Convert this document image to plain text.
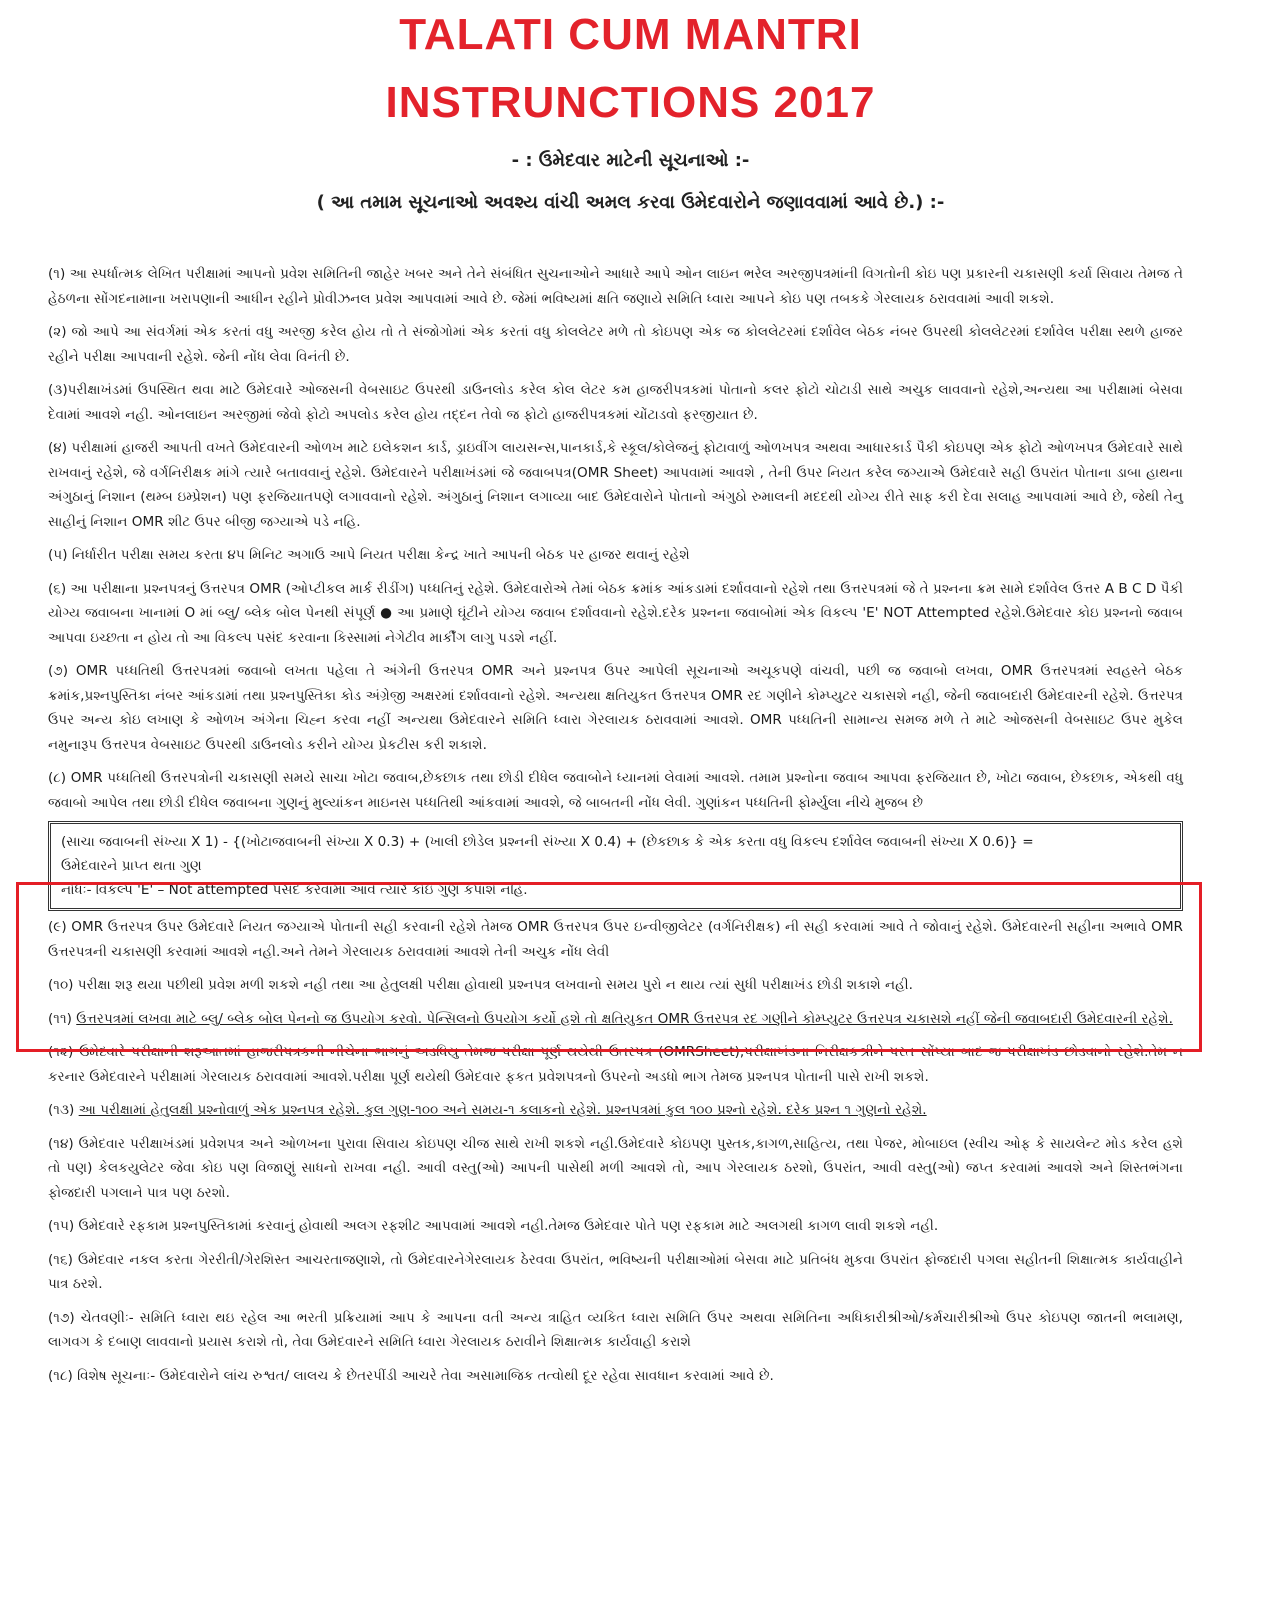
TALATI CUM MANTRI
INSTRUNCTIONS 2017
- : ઉમેદવાર માટેની સૂચનાઓ :-
( આ તમામ સૂચનાઓ અવશ્ય વાંચી અમલ કરવા ઉમેદવારોને જણાવવામાં આવે છે.) :-

(૧) આ સ્પર્ધાત્મક લેખિત પરીક્ષામાં આપનો પ્રવેશ સમિતિની જાહેર ખબર અને તેને સંબંધિત સુચનાઓને આધારે આપે ઓન લાઇન ભરેલ અરજીપત્રમાંની વિગતોની કોઇ પણ પ્રકારની ચકાસણી કર્યા સિવાય તેમજ તે હેઠળના સોંગદનામાના ખરાપણાની આધીન રહીને પ્રોવીઝનલ પ્રવેશ આપવામાં આવે છે. જેમાં ભવિષ્યમાં ક્ષતિ જણાયે સમિતિ ધ્વારા આપને કોઇ પણ તબકકે ગેરલાયક ઠરાવવામાં આવી શકશે.

(૨) જો આપે આ સંવર્ગમાં એક કરતાં વધુ અરજી કરેલ હોય તો તે સંજોગોમાં એક કરતાં વધુ કોલલેટર મળે તો કોઇપણ એક જ કોલલેટરમાં દર્શાવેલ બેઠક નંબર ઉપરથી કોલલેટરમાં દર્શાવેલ પરીક્ષા સ્થળે હાજર રહીને પરીક્ષા આપવાની રહેશે. જેની નોંધ લેવા વિનંતી છે.

(૩)પરીક્ષાખંડમાં ઉપસ્થિત થવા માટે ઉમેદવારે ઓજસની વેબસાઇટ ઉપરથી ડાઉનલોડ કરેલ કોલ લેટર કમ હાજરીપત્રકમાં પોતાનો કલર ફોટો ચોટાડી સાથે અચુક લાવવાનો રહેશે,અન્યથા આ પરીક્ષામાં બેસવા દેવામાં આવશે નહી. ઓનલાઇન અરજીમાં જેવો ફોટો અપલોડ કરેલ હોય તદ્દન તેવો જ ફોટો હાજરીપત્રકમાં ચોંટાડવો ફરજીયાત છે.

(૪) પરીક્ષામાં હાજરી આપતી વખતે ઉમેદવારની ઓળખ માટે ઇલેકશન કાર્ડ, ડ્રાઇવીંગ લાયસન્સ,પાનકાર્ડ,કે સ્કૂલ/કોલેજનું ફોટાવાળું ઓળખપત્ર અથવા આધારકાર્ડ પૈકી કોઇપણ એક ફોટો ઓળખપત્ર ઉમેદવારે સાથે રાખવાનું રહેશે, જે વર્ગનિરીક્ષક માંગે ત્યારે બતાવવાનું રહેશે. ઉમેદવારને પરીક્ષાખંડમાં જે જવાબપત્ર(OMR Sheet) આપવામાં આવશે , તેની ઉપર નિયત કરેલ જગ્યાએ ઉમેદવારે સહી ઉપરાંત પોતાના ડાબા હાથના અંગુઠાનું નિશાન (થમ્બ ઇમ્પ્રેશન) પણ ફરજિયાતપણે લગાવવાનો રહેશે. અંગુઠાનું નિશાન લગાવ્યા બાદ ઉમેદવારોને પોતાનો અંગુઠો રુમાલની મદદથી યોગ્ય રીતે સાફ કરી દેવા સલાહ આપવામાં આવે છે, જેથી તેનુ સાહીનું નિશાન OMR શીટ ઉપર બીજી જગ્યાએ પડે નહિ.

(૫) નિર્ધારીત પરીક્ષા સમય કરતા ૪૫ મિનિટ અગાઉ આપે નિયત પરીક્ષા કેન્દ્ર ખાતે આપની બેઠક પર હાજર થવાનું રહેશે

(૬) આ પરીક્ષાના પ્રશ્નપત્રનું ઉત્તરપત્ર OMR (ઓપ્ટીકલ માર્ક રીડીંગ) પધ્ધતિનું રહેશે. ઉમેદવારોએ તેમાં બેઠક ક્રમાંક આંકડામાં દર્શાવવાનો રહેશે તથા ઉત્તરપત્રમાં જે તે પ્રશ્નના ક્રમ સામે દર્શાવેલ ઉત્તર A B C D પૈકી યોગ્ય જવાબના ખાનામાં O માં બ્લુ/ બ્લેક બોલ પેનથી સંપૂર્ણ ● આ પ્રમાણે ઘૂંટીને યોગ્ય જવાબ દર્શાવવાનો રહેશે.દરેક પ્રશ્નના જવાબોમાં એક વિકલ્પ 'E' NOT Attempted રહેશે.ઉમેદવાર કોઇ પ્રશ્નનો જવાબ આપવા ઇચ્છતા ન હોય તો આ વિકલ્પ પસંદ કરવાના કિસ્સામાં નેગેટીવ માર્કીંગ લાગુ પડશે નહીં.

(૭) OMR પધ્ધતિથી ઉત્તરપત્રમાં જવાબો લખતા પહેલા તે અંગેની ઉત્તરપત્ર OMR અને પ્રશ્નપત્ર ઉપર આપેલી સૂચનાઓ અચૂકપણે વાંચવી, પછી જ જવાબો લખવા, OMR ઉત્તરપત્રમાં સ્વહસ્તે બેઠક ક્રમાંક,પ્રશ્નપુસ્તિકા નંબર આંકડામાં તથા પ્રશ્નપુસ્તિકા કોડ અંગ્રેજી અક્ષરમાં દર્શાવવાનો રહેશે. અન્યથા ક્ષતિયુકત ઉત્તરપત્ર OMR રદ ગણીને કોમ્પ્યુટર ચકાસશે નહી, જેની જવાબદારી ઉમેદવારની રહેશે. ઉત્તરપત્ર ઉપર અન્ય કોઇ લખાણ કે ઓળખ અંગેના ચિહ્ન કરવા નહીં અન્યથા ઉમેદવારને સમિતિ ધ્વારા ગેરલાયક ઠરાવવામાં આવશે. OMR પધ્ધતિની સામાન્ય સમજ મળે તે માટે ઓજસની વેબસાઇટ ઉપર મુકેલ નમુનારૂપ ઉત્તરપત્ર વેબસાઇટ ઉપરથી ડાઉનલોડ કરીને યોગ્ય પ્રેકટીસ કરી શકાશે.

(૮) OMR પધ્ધતિથી ઉત્તરપત્રોની ચકાસણી સમયે સાચા ખોટા જવાબ,છેકછાક તથા છોડી દીધેલ જવાબોને ધ્યાનમાં લેવામાં આવશે. તમામ પ્રશ્નોના જવાબ આપવા ફરજિયાત છે, ખોટા જવાબ, છેકછાક, એકથી વધુ જવાબો આપેલ તથા છોડી દીધેલ જવાબના ગુણનું મુલ્યાંકન માઇનસ પધ્ધતિથી આંકવામાં આવશે, જે બાબતની નોંધ લેવી. ગુણાંકન પધ્ધતિની ફોર્મ્યુલા નીચે મુજબ છે

(સાચા જવાબની સંખ્યા X 1) - {(ખોટાજવાબની સંખ્યા X 0.3) + (ખાલી છોડેલ પ્રશ્નની સંખ્યા X 0.4) + (છેકછાક કે એક કરતા વધુ વિકલ્પ દર્શાવેલ જવાબની સંખ્યા X 0.6)} =
ઉમેદવારને પ્રાપ્ત થતા ગુણ
નોધઃ- વિકલ્પ 'E' – Not attempted પસંદ કરવામાં આવે ત્યારે કોઇ ગુણ કપાશે નહિ.

(૯) OMR ઉત્તરપત્ર ઉપર ઉમેદવારે નિયત જગ્યાએ પોતાની સહી કરવાની રહેશે તેમજ OMR ઉત્તરપત્ર ઉપર ઇન્વીજીલેટર (વર્ગનિરીક્ષક) ની સહી કરવામાં આવે તે જોવાનું રહેશે. ઉમેદવારની સહીના અભાવે OMR ઉત્તરપત્રની ચકાસણી કરવામાં આવશે નહી.અને તેમને ગેરલાયક ઠરાવવામાં આવશે તેની અચુક નોંધ લેવી

(૧૦) પરીક્ષા શરૂ થયા પછીથી પ્રવેશ મળી શકશે નહી તથા આ હેતુલક્ષી પરીક્ષા હોવાથી પ્રશ્નપત્ર લખવાનો સમય પુરો ન થાય ત્યાં સુધી પરીક્ષાખંડ છોડી શકાશે નહી.

(૧૧) ઉત્તરપત્રમાં લખવા માટે બ્લુ/ બ્લેક બોલ પેનનો જ ઉપયોગ કરવો. પેન્સિલનો ઉપયોગ કર્યો હશે તો ક્ષતિયુકત OMR ઉત્તરપત્ર રદ ગણીને કોમ્પ્યુટર ઉત્તરપત્ર ચકાસશે નહીં જેની જવાબદારી ઉમેદવારની રહેશે.

(૧૨) ઉમેદવારે પરીક્ષાની શરૂઆતમાં હાજરીપત્રકની નીચેના ભાગનું અડધિયુ તેમજ પરીક્ષા પૂર્ણ થયેથી ઉતરપત્ર (OMRSheet),પરીક્ષાખંડના નિરીક્ષકશ્રીને પરત સોંપ્યા બાદ જ પરીક્ષાખંડ છોડવાનો રહેશે.તેમ ન કરનાર ઉમેદવારને પરીક્ષામાં ગેરલાયક ઠરાવવામાં આવશે.પરીક્ષા પૂર્ણ થયેથી ઉમેદવાર ફકત પ્રવેશપત્રનો ઉપરનો અડધો ભાગ તેમજ પ્રશ્નપત્ર પોતાની પાસે રાખી શકશે.

(૧૩) આ પરીક્ષામાં હેતુલક્ષી પ્રશ્નોવાળું એક પ્રશ્નપત્ર રહેશે. કુલ ગુણ-૧૦૦ અને સમય-૧ કલાકનો રહેશે. પ્રશ્નપત્રમાં કુલ ૧૦૦ પ્રશ્નો રહેશે. દરેક પ્રશ્ન ૧ ગુણનો રહેશે.

(૧૪) ઉમેદવાર પરીક્ષાખંડમાં પ્રવેશપત્ર અને ઓળખના પુરાવા સિવાય કોઇપણ ચીજ સાથે રાખી શકશે નહી.ઉમેદવારે કોઇપણ પુસ્તક,કાગળ,સાહિત્ય, તથા પેજર, મોબાઇલ (સ્વીચ ઓફ કે સાયલેન્ટ મોડ કરેલ હશે તો પણ) કેલકયુલેટર જેવા કોઇ પણ વિજાણું સાધનો રાખવા નહી. આવી વસ્તુ(ઓ) આપની પાસેથી મળી આવશે તો, આપ ગેરલાયક ઠરશો, ઉપરાંત, આવી વસ્તુ(ઓ) જપ્ત કરવામાં આવશે અને શિસ્તભંગના ફોજદારી પગલાને પાત્ર પણ ઠરશો.

(૧૫) ઉમેદવારે રફકામ પ્રશ્નપુસ્તિકામાં કરવાનું હોવાથી અલગ રફશીટ આપવામાં આવશે નહી.તેમજ ઉમેદવાર પોતે પણ રફકામ માટે અલગથી કાગળ લાવી શકશે નહી.

(૧૬) ઉમેદવાર નકલ કરતા ગેરરીતી/ગેરશિસ્ત આચરતાજણાશે, તો ઉમેદવારનેગેરલાયક ઠેરવવા ઉપરાંત, ભવિષ્યની પરીક્ષાઓમાં બેસવા માટે પ્રતિબંધ મુકવા ઉપરાંત ફોજદારી પગલા સહીતની શિક્ષાત્મક કાર્યવાહીને પાત્ર ઠરશે.

(૧૭) ચેતવણીઃ- સમિતિ ધ્વારા થઇ રહેલ આ ભરતી પ્રક્રિયામાં આપ કે આપના વતી અન્ય ત્રાહિત વ્યકિત ધ્વારા સમિતિ ઉપર અથવા સમિતિના અધિકારીશ્રીઓ/કર્મચારીશ્રીઓ ઉપર કોઇપણ જાતની ભલામણ, લાગવગ કે દબાણ લાવવાનો પ્રયાસ કરાશે તો, તેવા ઉમેદવારને સમિતિ ધ્વારા ગેરલાયક ઠરાવીને શિક્ષાત્મક કાર્યવાહી કરાશે

(૧૮) વિશેષ સૂચનાઃ- ઉમેદવારોને લાંચ રુશ્વત/ લાલચ કે છેતરપીંડી આચરે તેવા અસામાજિક તત્વોથી દૂર રહેવા સાવધાન કરવામાં આવે છે.
